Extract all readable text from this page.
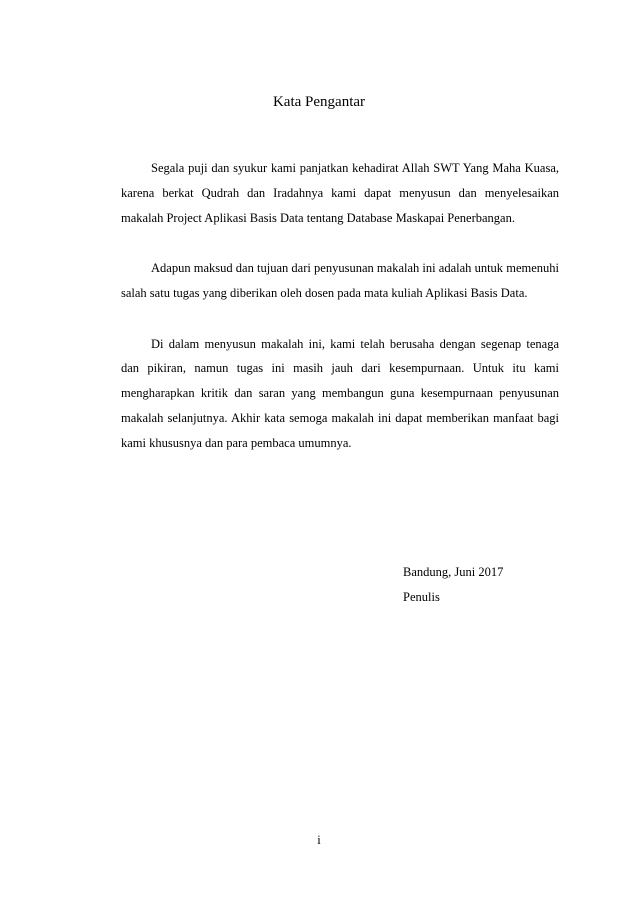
Kata Pengantar

Segala puji dan syukur kami panjatkan kehadirat Allah SWT Yang Maha Kuasa, karena berkat Qudrah dan Iradahnya kami dapat menyusun dan menyelesaikan makalah Project Aplikasi Basis Data tentang Database Maskapai Penerbangan.

Adapun maksud dan tujuan dari penyusunan makalah ini adalah untuk memenuhi salah satu tugas yang diberikan oleh dosen pada mata kuliah Aplikasi Basis Data.

Di dalam menyusun makalah ini, kami telah berusaha dengan segenap tenaga dan pikiran, namun tugas ini masih jauh dari kesempurnaan. Untuk itu kami mengharapkan kritik dan saran yang membangun guna kesempurnaan penyusunan makalah selanjutnya. Akhir kata semoga makalah ini dapat memberikan manfaat bagi kami khususnya dan para pembaca umumnya.

Bandung, Juni 2017
Penulis
i
